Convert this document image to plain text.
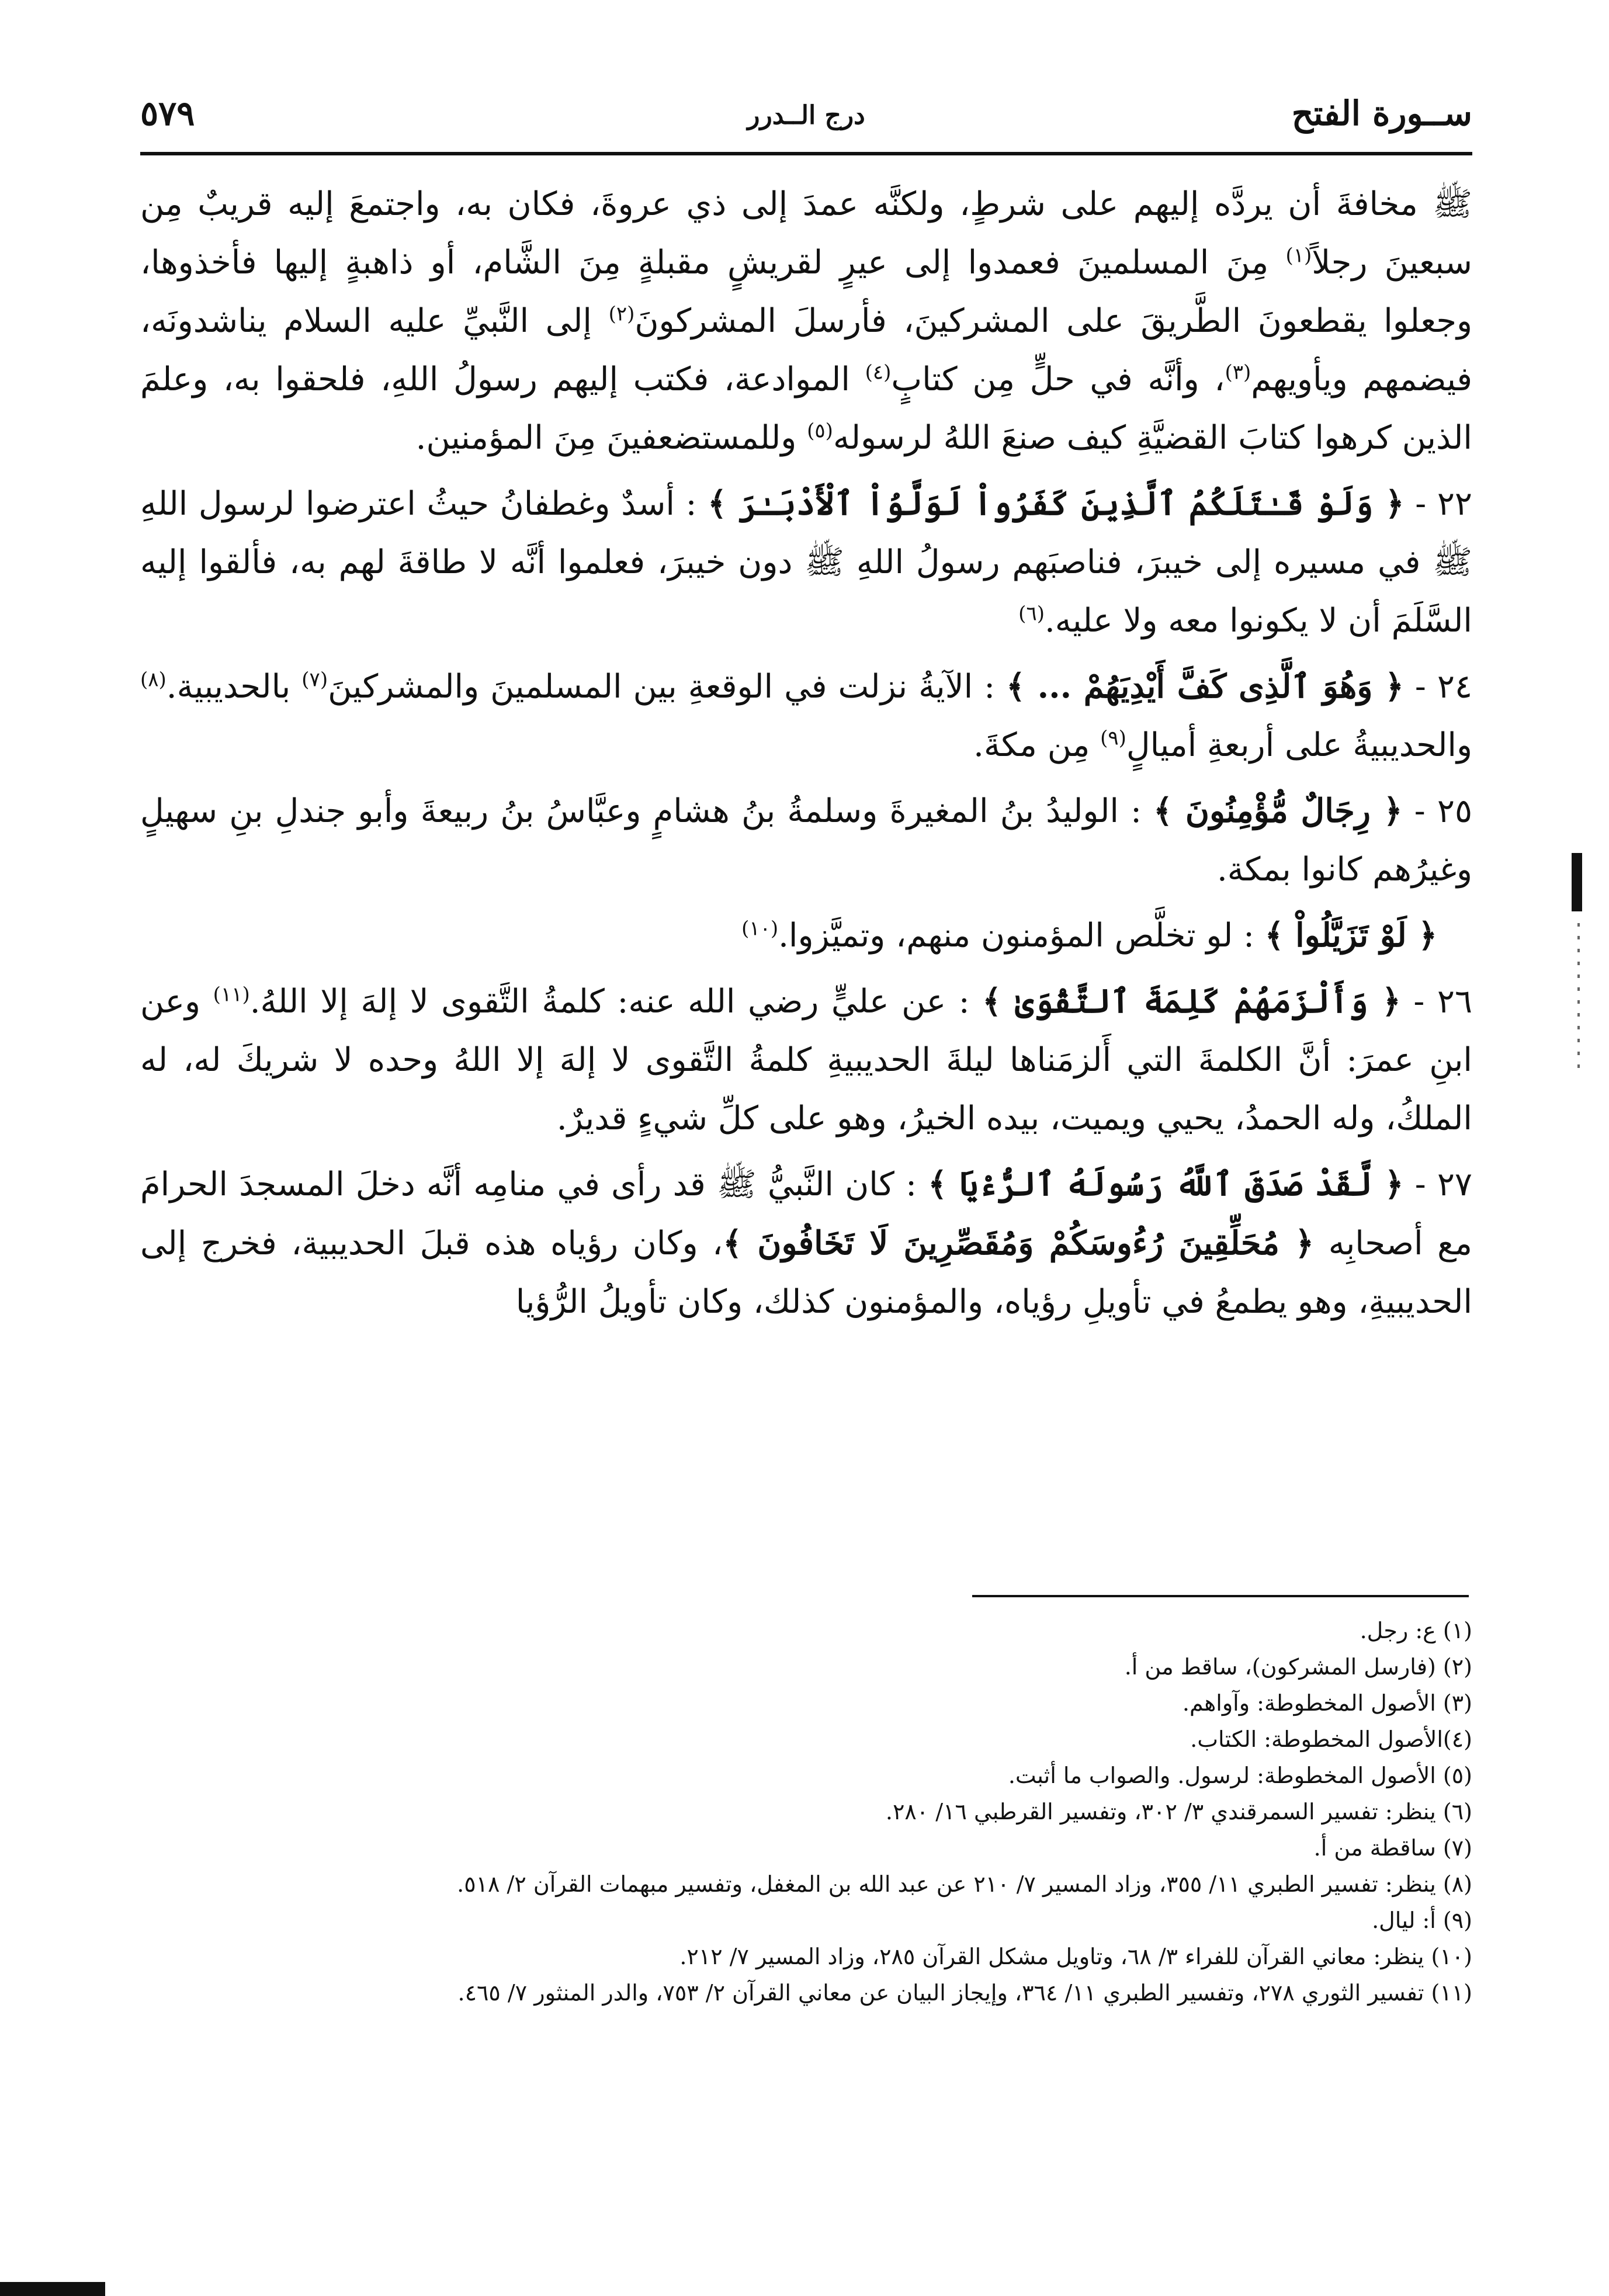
ســورة الفتح
درج الــدرر
٥٧٩

ﷺ مخافةَ أن يردَّه إليهم على شرطٍ، ولكنَّه عمدَ إلى ذي عروةَ، فكان به، واجتمعَ إليه قريبٌ مِن سبعينَ رجلاً$^{(١)}$ مِنَ المسلمينَ فعمدوا إلى عيرٍ لقريشٍ مقبلةٍ مِنَ الشَّام، أو ذاهبةٍ إليها فأخذوها، وجعلوا يقطعونَ الطَّريقَ على المشركينَ، فأرسلَ المشركونَ$^{(٢)}$ إلى النَّبيِّ عليه السلام يناشدونَه، فيضمهم ويأويهم$^{(٣)}$، وأنَّه في حلٍّ مِن كتابٍ$^{(٤)}$ الموادعة، فكتب إليهم رسولُ اللهِ، فلحقوا به، وعلمَ الذين كرهوا كتابَ القضيَّةِ كيف صنعَ اللهُ لرسوله$^{(٥)}$ وللمستضعفينَ مِنَ المؤمنين.

٢٢ - ﴿ وَلَوْ قَـٰتَلَكُمُ ٱلَّذِينَ كَفَرُواْ لَوَلَّوُاْ ٱلْأَدْبَـٰرَ ﴾ : أسدٌ وغطفانُ حيثُ اعترضوا لرسول اللهِ ﷺ في مسيره إلى خيبرَ، فناصبَهم رسولُ اللهِ ﷺ دون خيبرَ، فعلموا أنَّه لا طاقةَ لهم به، فألقوا إليه السَّلَمَ أن لا يكونوا معه ولا عليه.$^{(٦)}$

٢٤ - ﴿ وَهُوَ ٱلَّذِى كَفَّ أَيْدِيَهُمْ ... ﴾ : الآيةُ نزلت في الوقعةِ بين المسلمينَ والمشركينَ$^{(٧)}$ بالحديبية.$^{(٨)}$ والحديبيةُ على أربعةِ أميالٍ$^{(٩)}$ مِن مكةَ.

٢٥ - ﴿ رِجَالٌ مُّؤْمِنُونَ ﴾ : الوليدُ بنُ المغيرةَ وسلمةُ بنُ هشامٍ وعبَّاسُ بنُ ربيعةَ وأبو جندلِ بنِ سهيلٍ وغيرُهم كانوا بمكة.

﴿ لَوْ تَزَيَّلُواْ ﴾ : لو تخلَّص المؤمنون منهم، وتميَّزوا.$^{(١٠)}$

٢٦ - ﴿ وَأَلْزَمَهُمْ كَلِمَةَ ٱلتَّقْوَىٰ ﴾ : عن عليٍّ رضي الله عنه: كلمةُ التَّقوى لا إلهَ إلا اللهُ.$^{(١١)}$ وعن ابنِ عمرَ: أنَّ الكلمةَ التي أَلزمَناها ليلةَ الحديبيةِ كلمةُ التَّقوى لا إلهَ إلا اللهُ وحده لا شريكَ له، له الملكُ، وله الحمدُ، يحيي ويميت، بيده الخيرُ، وهو على كلِّ شيءٍ قديرٌ.

٢٧ - ﴿ لَّقَدْ صَدَقَ ٱللَّهُ رَسُولَهُ ٱلرُّءْيَا ﴾ : كان النَّبيُّ ﷺ قد رأى في منامِه أنَّه دخلَ المسجدَ الحرامَ مع أصحابِه ﴿ مُحَلِّقِينَ رُءُوسَكُمْ وَمُقَصِّرِينَ لَا تَخَافُونَ ﴾، وكان رؤياه هذه قبلَ الحديبية، فخرج إلى الحديبيةِ، وهو يطمعُ في تأويلِ رؤياه، والمؤمنون كذلك، وكان تأويلُ الرُّؤيا

(١) ع: رجل.

(٢) (فارسل المشركون)، ساقط من أ.

(٣) الأصول المخطوطة: وآواهم.

(٤)الأصول المخطوطة: الكتاب.

(٥) الأصول المخطوطة: لرسول. والصواب ما أثبت.

(٦) ينظر: تفسير السمرقندي ٣/ ٣٠٢، وتفسير القرطبي ١٦/ ٢٨٠.

(٧) ساقطة من أ.

(٨) ينظر: تفسير الطبري ١١/ ٣٥٥، وزاد المسير ٧/ ٢١٠ عن عبد الله بن المغفل، وتفسير مبهمات القرآن ٢/ ٥١٨.

(٩) أ: ليال.

(١٠) ينظر: معاني القرآن للفراء ٣/ ٦٨، وتاويل مشكل القرآن ٢٨٥، وزاد المسير ٧/ ٢١٢.

(١١) تفسير الثوري ٢٧٨، وتفسير الطبري ١١/ ٣٦٤، وإيجاز البيان عن معاني القرآن ٢/ ٧٥٣، والدر المنثور ٧/ ٤٦٥.
